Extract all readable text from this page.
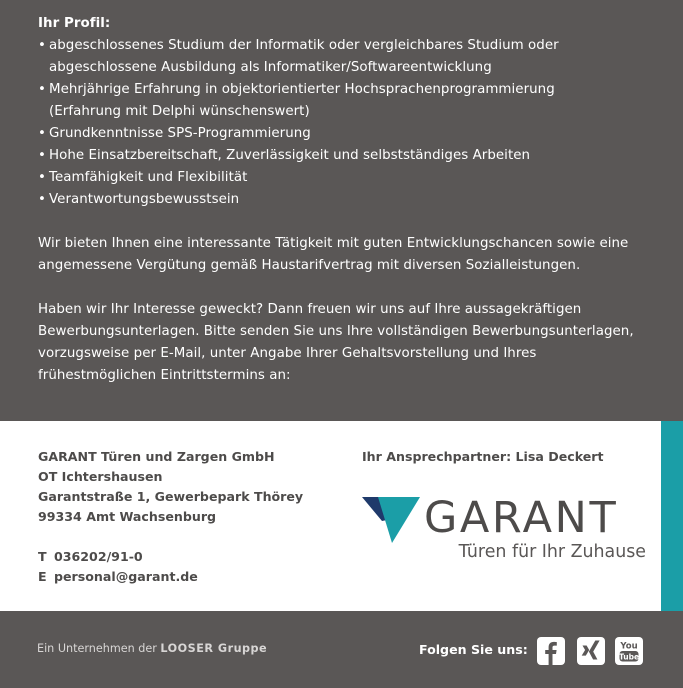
Ihr Profil:
• abgeschlossenes Studium der Informatik oder vergleichbares Studium oder
abgeschlossene Ausbildung als Informatiker/Softwareentwicklung
• Mehrjährige Erfahrung in objektorientierter Hochsprachenprogrammierung
(Erfahrung mit Delphi wünschenswert)
• Grundkenntnisse SPS-Programmierung
• Hohe Einsatzbereitschaft, Zuverlässigkeit und selbstständiges Arbeiten
• Teamfähigkeit und Flexibilität
• Verantwortungsbewusstsein
Wir bieten Ihnen eine interessante Tätigkeit mit guten Entwicklungschancen sowie eine
angemessene Vergütung gemäß Haustarifvertrag mit diversen Sozialleistungen.
Haben wir Ihr Interesse geweckt? Dann freuen wir uns auf Ihre aussagekräftigen
Bewerbungsunterlagen. Bitte senden Sie uns Ihre vollständigen Bewerbungsunterlagen,
vorzugsweise per E-Mail, unter Angabe Ihrer Gehaltsvorstellung und Ihres
frühestmöglichen Eintrittstermins an:
GARANT Türen und Zargen GmbH
OT Ichtershausen
Garantstraße 1, Gewerbepark Thörey
99334 Amt Wachsenburg
T 036202/91-0
E personal@garant.de
Ihr Ansprechpartner: Lisa Deckert
GARANT
Türen für Ihr Zuhause
Ein Unternehmen der LOOSER Gruppe	Folgen Sie uns:	You
Tube
